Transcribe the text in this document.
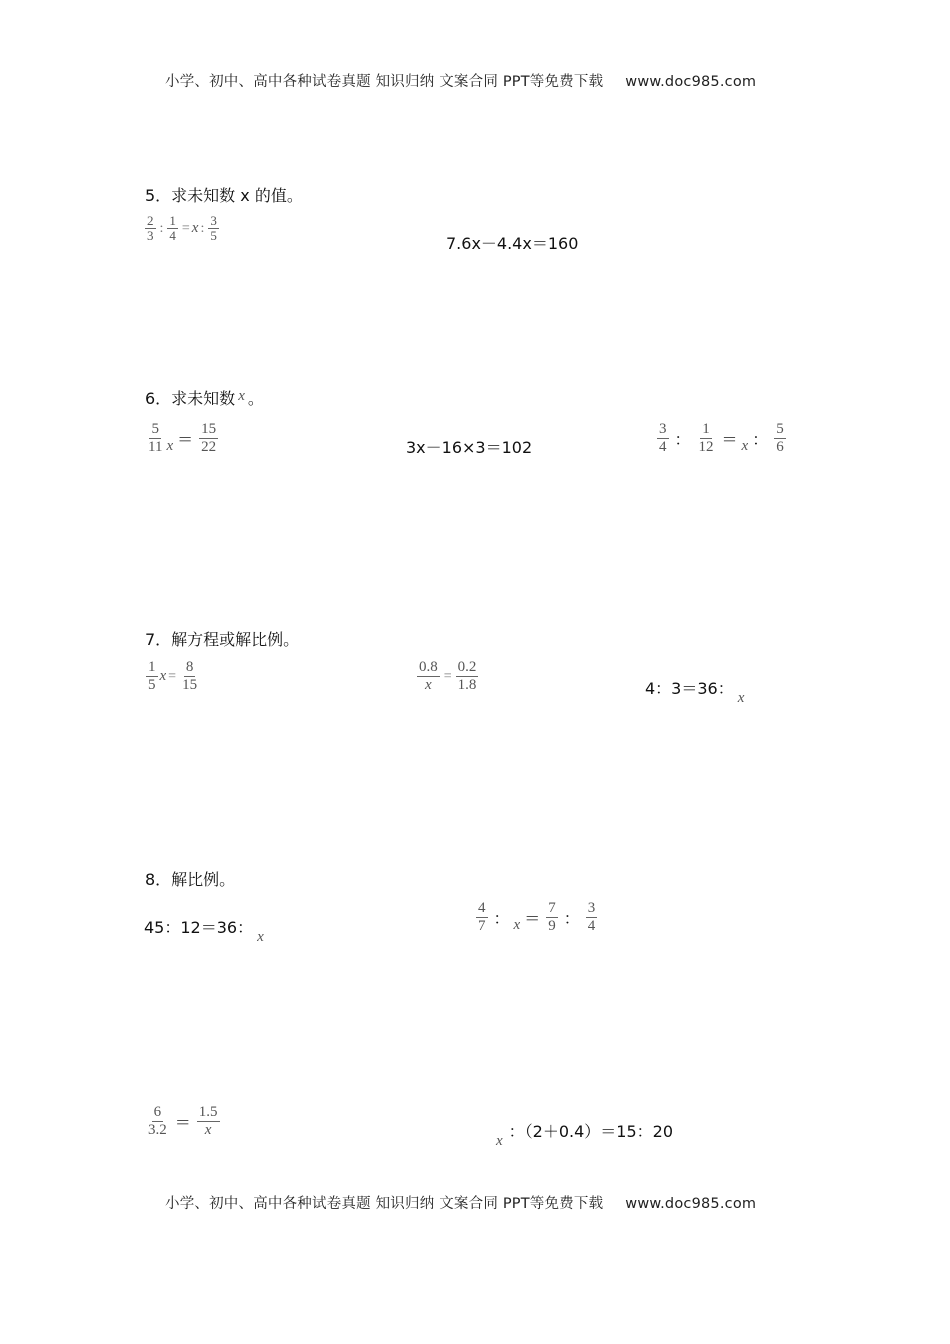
小学、初中、高中各种试卷真题 知识归纳 文案合同 PPT等免费下载 www.doc985.com
5．求未知数 x 的值。
2
3 : $\frac{1}{4} = x$ : 3
5	7.6x－4.4x＝160
6．求未知数 x 。
5
11 x ＝
15
22	3x－16×3＝102
3
4 ：
1
12 ＝ x ：
5
6
7．解方程或解比例。
1
5
$x = \frac{8}{15}$	$\frac{0.8}{x} = \frac{0.2}{1.8}$	4：3＝36： x
8．解比例。
45：12＝36： x
4
7 ： x ＝
7
9 ：
3
4
6
3.2 ＝
1.5
x
x ：（2＋0.4）＝15：20
小学、初中、高中各种试卷真题 知识归纳 文案合同 PPT等免费下载 www.doc985.com
